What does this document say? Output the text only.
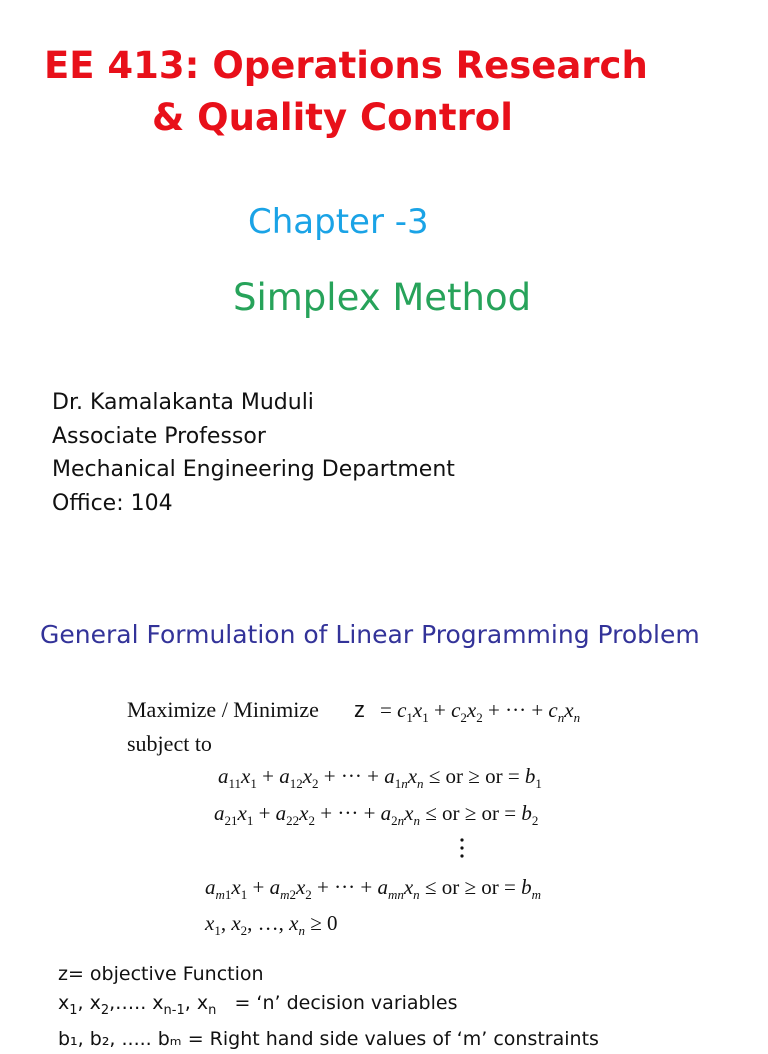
EE 413: Operations Research
& Quality Control
Chapter -3
Simplex Method
Dr. Kamalakanta Muduli
Associate Professor
Mechanical Engineering Department
Office: 104
General Formulation of Linear Programming Problem
Maximize / Minimize $z = c_1x_1 + c_2x_2$ + ··· + $c_nx_n$
subject to
$a_{11}x_1 + a_{12}x_2$ + ··· + $a_1nx_n$ ≤ or ≥ or = $b_1$
$a_{21}x_1 + a_{22}x_2$ + ··· + $a_2nx_n$ ≤ or ≥ or = $b_2$
$a_m1x_1 + a_m2x_2$ + ··· + $a_{mn}x_n$ ≤ or ≥ or = $b_m$
$x_1$, $x_2$, …, $x_n \ge 0$
z= objective Function
$x_1$, $x_2,\dots$.. $x_{n-1}$, $x_n$ = ‘n’ decision variables
b₁, b₂, ..... bₘ = Right hand side values of ‘m’ constraints
